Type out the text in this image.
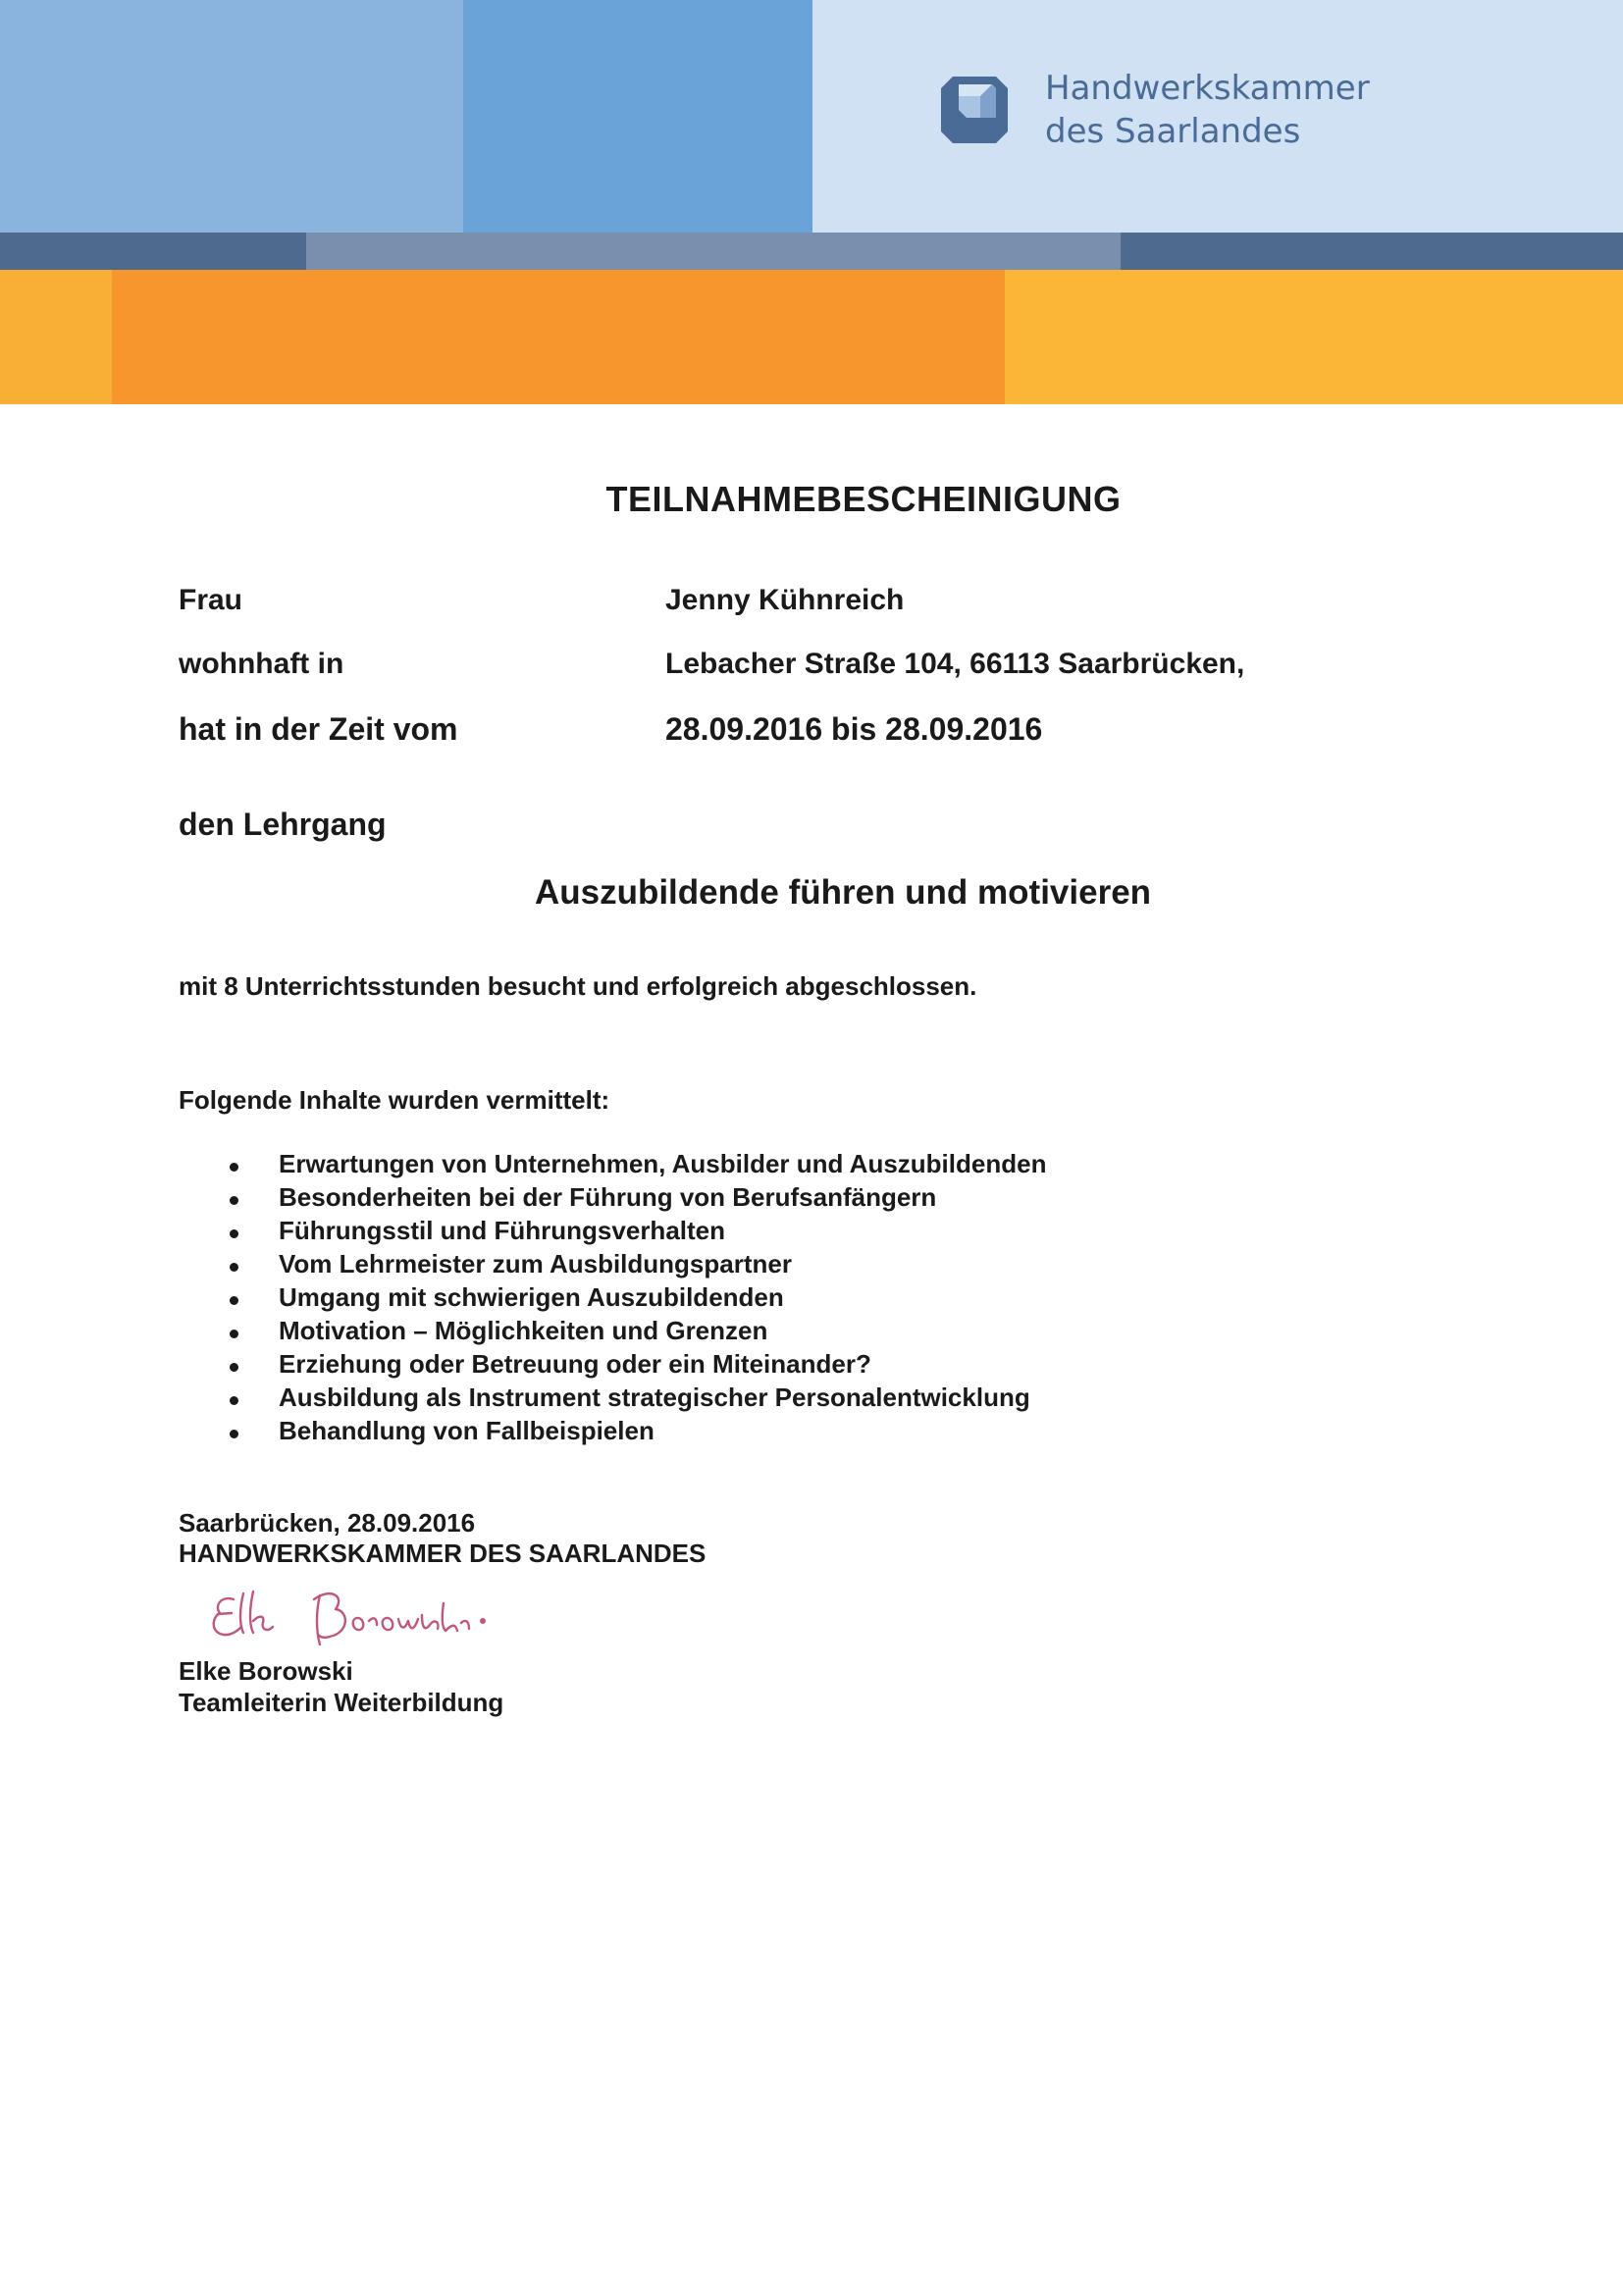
Handwerkskammer
des Saarlandes
TEILNAHMEBESCHEINIGUNG
Frau	Jenny Kühnreich
wohnhaft in	Lebacher Straße 104, 66113 Saarbrücken,
hat in der Zeit vom	28.09.2016 bis 28.09.2016
den Lehrgang
Auszubildende führen und motivieren
mit 8 Unterrichtsstunden besucht und erfolgreich abgeschlossen.
Folgende Inhalte wurden vermittelt:
Erwartungen von Unternehmen, Ausbilder und Auszubildenden
Besonderheiten bei der Führung von Berufsanfängern
Führungsstil und Führungsverhalten
Vom Lehrmeister zum Ausbildungspartner
Umgang mit schwierigen Auszubildenden
Motivation – Möglichkeiten und Grenzen
Erziehung oder Betreuung oder ein Miteinander?
Ausbildung als Instrument strategischer Personalentwicklung
Behandlung von Fallbeispielen
Saarbrücken, 28.09.2016
HANDWERKSKAMMER DES SAARLANDES
Elke Borowski
Teamleiterin Weiterbildung
